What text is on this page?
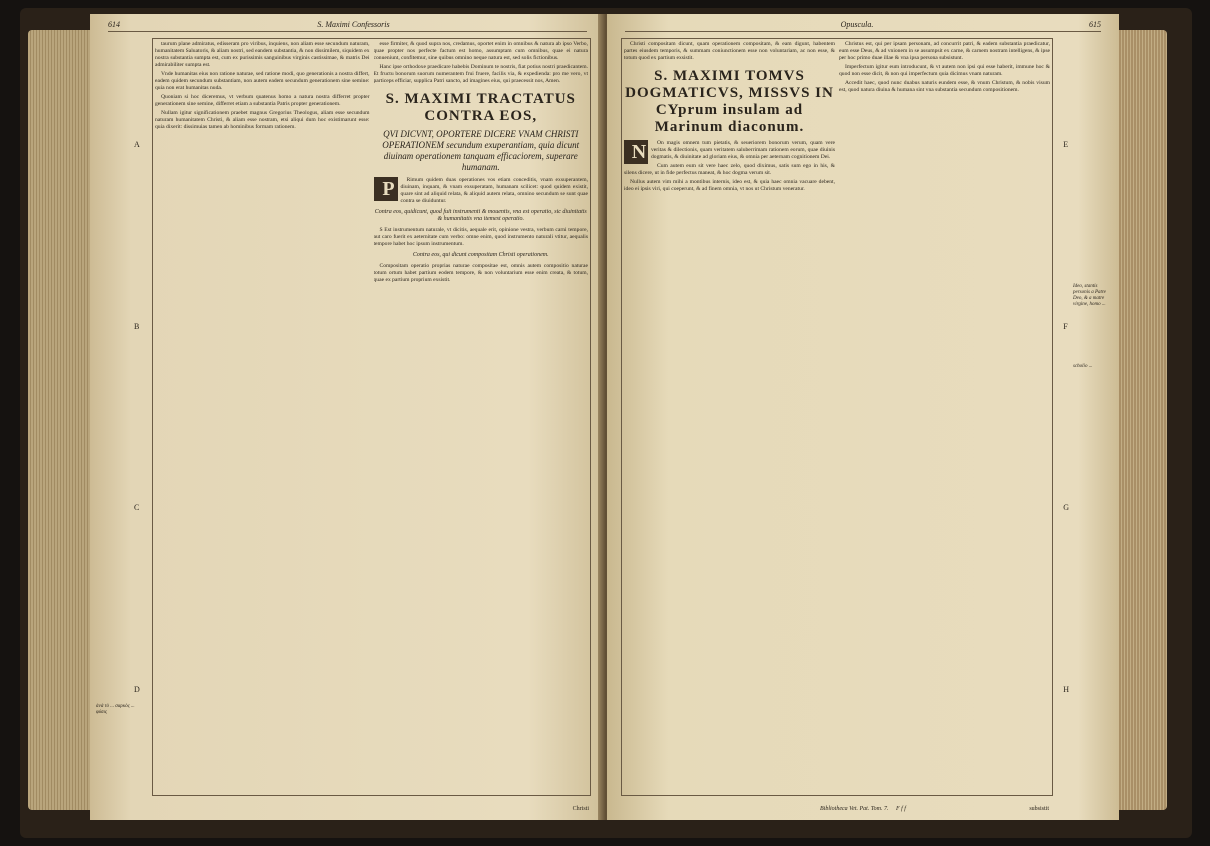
614	S. Maximi Confessoris
A
B
C
D
ἀνὰ τὸ ... σαρκὸς ... φύσις

taurum plane admiratus, edisseram pro viribus, inquiens, non aliam esse secundum naturam, humanitatem Saluatoris, & aliam nostri, sed eandem substantia, & non dissimilem, siquidem ex nostra substantia sumpta est, cum ex purissimis sanguinibus virginis castissimae, & matris Dei admirabiliter sumpta est.

Vnde humanitas eius non ratione naturae, sed ratione modi, quo generationis a nostra differt, eadem quidem secundum substantiam, non autem eadem secundum generationem sine semine: quia non erat humanitas nuda.

Quoniam si hoc diceremus, vt verbum quatenus homo a natura nostra differret propter generationem sine semine, differret etiam a substantia Patris propter generationem.

Nullam igitur significationem praebet magnus Gregorius Theologus, aliam esse secundum naturam humanitatem Christi, & aliam esse nostram, etsi aliqui dum hoc existimarunt esse: quia dixerit: dissimuias tamen ab hominibus formam rationem.

esse firmiter, & quod supra nos, credamus, oportet enim in omnibus & natura ab ipso Verbo, quae propter nos perfecte factum est homo, assumptam cum omnibus, quae ei natura conueniunt, confitemur, sine quibus omnino neque natura est, sed solis fictionibus.

Hanc ipse orthodoxe praedicare habebis Dominum te nostris, fiat potius nostri praedicantem. Et fructu bonorum suorum numerantem frui fruere, facilis via, & expedienda: pro me vero, vt particeps efficiar, supplica Patri sancto, ad imagines eius, qui praecessit nos, Amen.

S. MAXIMI TRACTATUS CONTRA EOS,
QVI DICVNT, OPORTERE DICERE VNAM CHRISTI OPERATIONEM secundum exuperantiam, quia dicunt diuinam operationem tanquam efficaciorem, superare humanam.

P	Rimum quidem duas operationes vos etiam conceditis, vnam exsuperantem, diuinam, inquam, & vnam exsuperatam, humanam scilicet: quod quidem existit, quare sint ad aliquid relata, & aliquid autem relata, omnino secundum se sunt quae contra se diuiduntur.

Contra eos, quidicunt, quod fuit instrumenti & mouentis, vna est operatio, sic diuinitatis & humanitatis vna itemest operatio.

S Est instrumentum naturale, vt dicitis, aequale erit, opinione vestra, verbum carni tempore, aut caro fuerit ex aeternitate cum verbo: omne enim, quod instrumento naturali vtitur, aequalis tempore habet hoc ipsum instrumentum.

Contra eos, qui dicunt compositam Christi operationem.

Compositam operatio proprias naturae compositae est, omnis autem compositio naturae totum ortum habet partium eodem tempore, & non voluntarium esse enim creata, & totum, quae ex partium proprium exsistit.

Christi
Opuscula.	615
E
F
G
H
Ideo, stantis personis a Patre Deo, & a matre virgine, homo ...
scholio ...

Christi compositam dicunt, quam operationem compositam, & eam digunt, habentem partes eiusdem temporis, & summam coniunctionem esse non voluntariam, ac non esse, & totum quod ex partium exsistit.

S. MAXIMI TOMVS DOGMATICVS, MISSVS IN CYprum insulam ad Marinum diaconum.

N	On magis omnem tum pietatis, & seueriorem bonorum verum, quam vere veritas & dilectionis, quam veritatem saluberrimam rationem eorum, quae diuinis dogmatis, & diuinitate ad gloriam eius, & omnia per aeternam cognitionem Dei.

Cum autem eum sit vere haec zelo, quod diximus, satis sum ego in his, & silens dicere, ut in fide perfectus maneat, & hoc dogma verum sit.

Nullus autem vim mihi a montibus internis, ideo est, & quia haec omnia vacuare debent, ideo ei ipsis viri, qui coeperunt, & ad finem omnia, vt nos ut Christum veneratur.

Christus est, qui per ipsam personam, ad concurrit patri, & eadem substantia praedicatur, eum esse Deus, & ad vnionem in se assumpsit ex carne, & carnem nostram intelligens, & ipse per hoc primo duae illae & vna ipsa persona subsistunt.

Imperfectum igitur eum introducunt, & vt autem non ipsi qui esse haberit, immune hoc & quod non esse dicit, & non qui imperfectum quia dicimus vnam naturam.

Accedit haec, quod nunc duabus naturis eundem esse, & vnum Christum, & nobis visum est, quod natura diuina & humana sint vna substantia secundum compositionem.

Bibliotheca Vet. Pat. Tom. 7. F f f	subsistit
